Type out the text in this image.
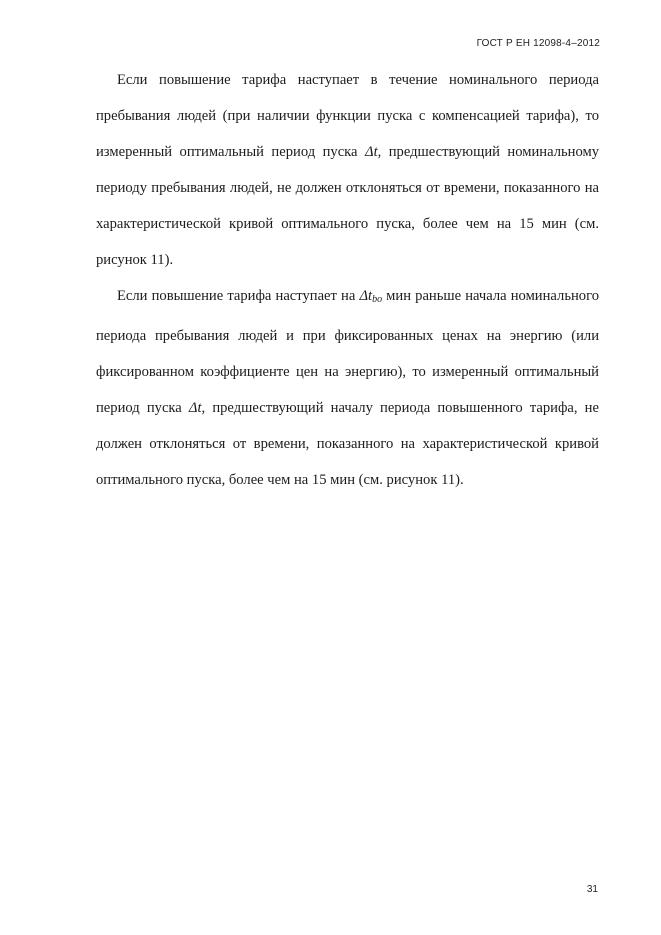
ГОСТ Р ЕН 12098-4–2012

Если повышение тарифа наступает в течение номинального периода пребывания людей (при наличии функции пуска с компенсацией тарифа), то измеренный оптимальный период пуска Δt, предшествующий номинальному периоду пребывания людей, не должен отклоняться от времени, показанного на характеристической кривой оптимального пуска, более чем на 15 мин (см. рисунок 11).

Если повышение тарифа наступает на $\Delta t_{bo}$ мин раньше начала номинального периода пребывания людей и при фиксированных ценах на энергию (или фиксированном коэффициенте цен на энергию), то измеренный оптимальный период пуска Δt, предшествующий началу периода повышенного тарифа, не должен отклоняться от времени, показанного на характеристической кривой оптимального пуска, более чем на 15 мин (см. рисунок 11).

31
